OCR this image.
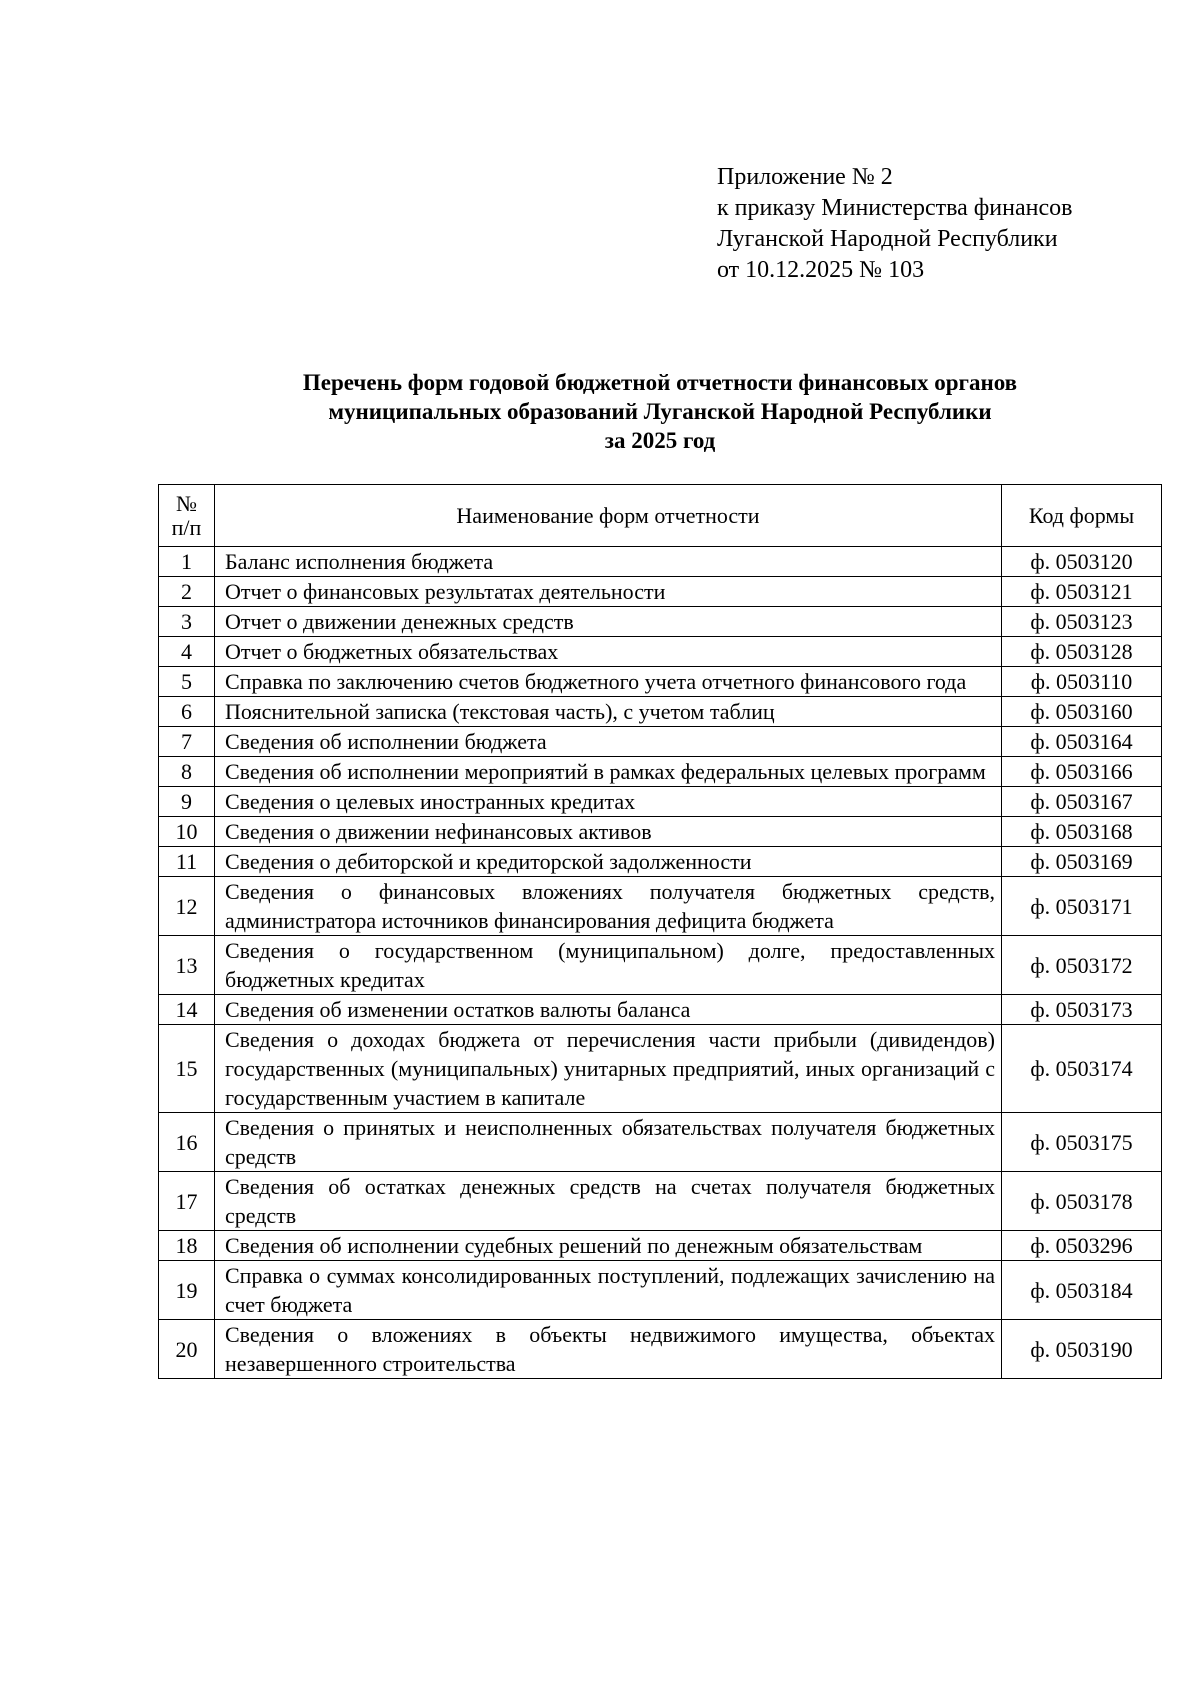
Приложение № 2
к приказу Министерства финансов
Луганской Народной Республики
от 10.12.2025 № 103
Перечень форм годовой бюджетной отчетности финансовых органов
муниципальных образований Луганской Народной Республики
за 2025 год
№
п/п	Наименование форм отчетности	Код формы
1	Баланс исполнения бюджета	ф. 0503120
2	Отчет о финансовых результатах деятельности	ф. 0503121
3	Отчет о движении денежных средств	ф. 0503123
4	Отчет о бюджетных обязательствах	ф. 0503128
5	Справка по заключению счетов бюджетного учета отчетного финансового года	ф. 0503110
6	Пояснительной записка (текстовая часть), с учетом таблиц	ф. 0503160
7	Сведения об исполнении бюджета	ф. 0503164
8	Сведения об исполнении мероприятий в рамках федеральных целевых программ	ф. 0503166
9	Сведения о целевых иностранных кредитах	ф. 0503167
10	Сведения о движении нефинансовых активов	ф. 0503168
11	Сведения о дебиторской и кредиторской задолженности	ф. 0503169
12	Сведения о финансовых вложениях получателя бюджетных средств, администратора источников финансирования дефицита бюджета	ф. 0503171
13	Сведения о государственном (муниципальном) долге, предоставленных бюджетных кредитах	ф. 0503172
14	Сведения об изменении остатков валюты баланса	ф. 0503173
15	Сведения о доходах бюджета от перечисления части прибыли (дивидендов) государственных (муниципальных) унитарных предприятий, иных организаций с государственным участием в капитале	ф. 0503174
16	Сведения о принятых и неисполненных обязательствах получателя бюджетных средств	ф. 0503175
17	Сведения об остатках денежных средств на счетах получателя бюджетных средств	ф. 0503178
18	Сведения об исполнении судебных решений по денежным обязательствам	ф. 0503296
19	Справка о суммах консолидированных поступлений, подлежащих зачислению на счет бюджета	ф. 0503184
20	Сведения о вложениях в объекты недвижимого имущества, объектах незавершенного строительства	ф. 0503190
